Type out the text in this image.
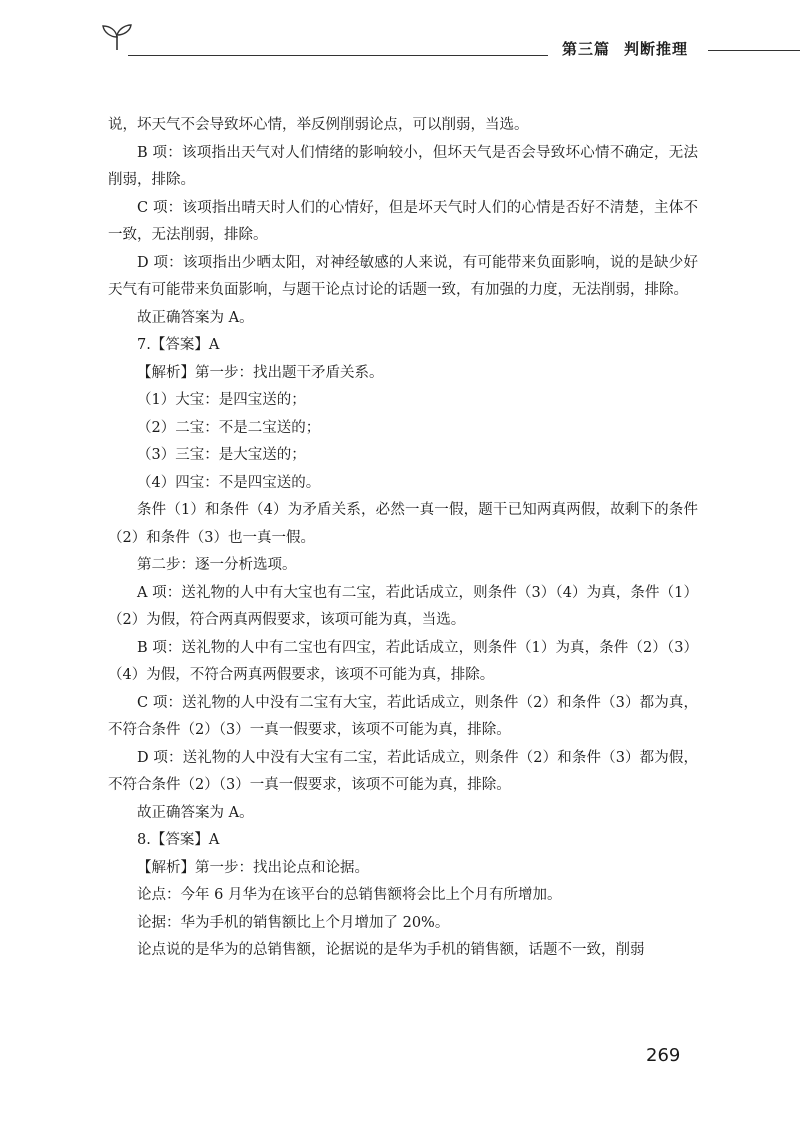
第三篇 判断推理

说，坏天气不会导致坏心情，举反例削弱论点，可以削弱，当选。

B 项：该项指出天气对人们情绪的影响较小，但坏天气是否会导致坏心情不确定，无法削弱，排除。

C 项：该项指出晴天时人们的心情好，但是坏天气时人们的心情是否好不清楚，主体不一致，无法削弱，排除。

D 项：该项指出少晒太阳，对神经敏感的人来说，有可能带来负面影响，说的是缺少好天气有可能带来负面影响，与题干论点讨论的话题一致，有加强的力度，无法削弱，排除。

故正确答案为 A。

7.【答案】A

【解析】第一步：找出题干矛盾关系。

（1）大宝：是四宝送的；

（2）二宝：不是二宝送的；

（3）三宝：是大宝送的；

（4）四宝：不是四宝送的。

条件（1）和条件（4）为矛盾关系，必然一真一假，题干已知两真两假，故剩下的条件（2）和条件（3）也一真一假。

第二步：逐一分析选项。

A 项：送礼物的人中有大宝也有二宝，若此话成立，则条件（3）（4）为真，条件（1）（2）为假，符合两真两假要求，该项可能为真，当选。

B 项：送礼物的人中有二宝也有四宝，若此话成立，则条件（1）为真，条件（2）（3）（4）为假，不符合两真两假要求，该项不可能为真，排除。

C 项：送礼物的人中没有二宝有大宝，若此话成立，则条件（2）和条件（3）都为真，不符合条件（2）（3）一真一假要求，该项不可能为真，排除。

D 项：送礼物的人中没有大宝有二宝，若此话成立，则条件（2）和条件（3）都为假，不符合条件（2）（3）一真一假要求，该项不可能为真，排除。

故正确答案为 A。

8.【答案】A

【解析】第一步：找出论点和论据。

论点：今年 6 月华为在该平台的总销售额将会比上个月有所增加。

论据：华为手机的销售额比上个月增加了 20%。

论点说的是华为的总销售额，论据说的是华为手机的销售额，话题不一致，削弱

269
